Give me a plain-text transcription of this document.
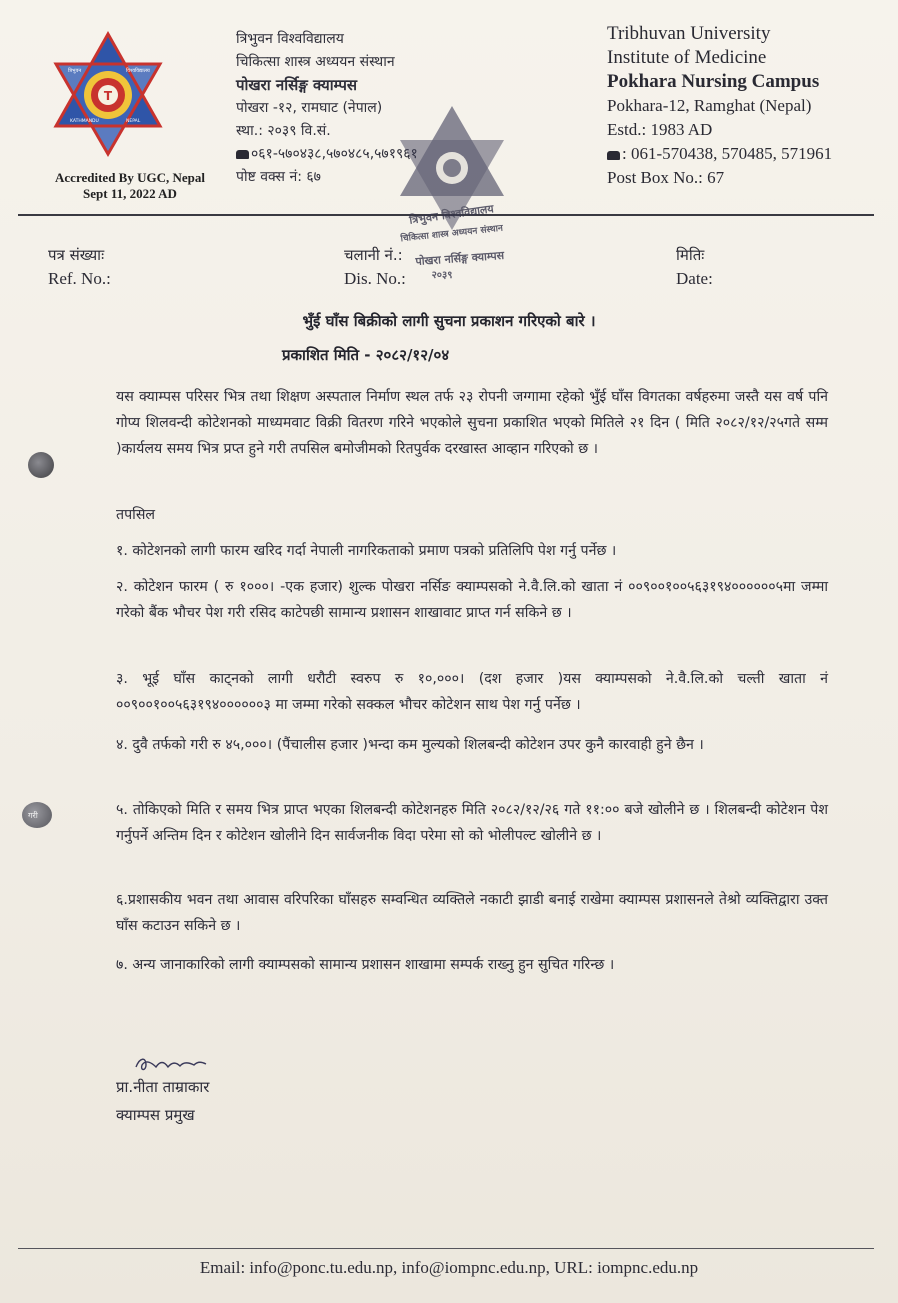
T
त्रिभुवन	विश्वविद्यालय
KATHMANDU	NEPAL
Accredited By UGC, Nepal
Sept 11, 2022 AD
त्रिभुवन विश्वविद्यालय
चिकित्सा शास्त्र अध्ययन संस्थान
पोखरा नर्सिङ्ग क्याम्पस
पोखरा -१२, रामघाट (नेपाल)
स्था.: २०३९ वि.सं.
०६१-५७०४३८,५७०४८५,५७१९६१
पोष्ट वक्स नं: ६७
Tribhuvan University
Institute of Medicine
Pokhara Nursing Campus
Pokhara-12, Ramghat (Nepal)
Estd.: 1983 AD
: 061-570438, 570485, 571961
Post Box No.: 67
पत्र संख्याः
Ref. No.:
चलानी नं.:
Dis. No.:
मितिः
Date:
त्रिभुवन विश्वविद्यालय
चिकित्सा शास्त्र अध्ययन संस्थान
पोखरा नर्सिङ्ग क्याम्पस
२०३९
भुँई घाँस बिक्रीको लागी सुचना प्रकाशन गरिएको बारे ।
प्रकाशित मिति - २०८२/१२/०४
यस क्याम्पस परिसर भित्र तथा शिक्षण अस्पताल निर्माण स्थल तर्फ २३ रोपनी जग्गामा रहेको भुँई घाँस विगतका वर्षहरुमा जस्तै यस वर्ष पनि गोप्य शिलवन्दी कोटेशनको माध्यमवाट विक्री वितरण गरिने भएकोले सुचना प्रकाशित भएको मितिले २१ दिन ( मिति २०८२/१२/२५गते सम्म )कार्यलय समय भित्र प्रप्त हुने गरी तपसिल बमोजीमको रितपुर्वक दरखास्त आव्हान गरिएको छ ।
तपसिल
१. कोटेशनको लागी फारम खरिद गर्दा नेपाली नागरिकताको प्रमाण पत्रको प्रतिलिपि पेश गर्नु पर्नेछ ।
२. कोटेशन फारम ( रु १०००। -एक हजार) शुल्क पोखरा नर्सिङ क्याम्पसको ने.वै.लि.को खाता नं ००९००१००५६३१९४००००००५मा जम्मा गरेको बैंक भौचर पेश गरी रसिद काटेपछी सामान्य प्रशासन शाखावाट प्राप्त गर्न सकिने छ ।
३. भूई घाँस काट्नको लागी धरौटी स्वरुप रु १०,०००। (दश हजार )यस क्याम्पसको ने.वै.लि.को चल्ती खाता नं ००९००१००५६३१९४००००००३ मा जम्मा गरेको सक्कल भौचर कोटेशन साथ पेश गर्नु पर्नेछ ।
४. दुवै तर्फको गरी रु ४५,०००। (पैंचालीस हजार )भन्दा कम मुल्यको शिलबन्दी कोटेशन उपर कुनै कारवाही हुने छैन ।
५. तोकिएको मिति र समय भित्र प्राप्त भएका शिलबन्दी कोटेशनहरु मिति २०८२/१२/२६ गते ११:०० बजे खोलीने छ । शिलबन्दी कोटेशन पेश गर्नुपर्ने अन्तिम दिन र कोटेशन खोलीने दिन सार्वजनीक विदा परेमा सो को भोलीपल्ट खोलीने छ ।
६.प्रशासकीय भवन तथा आवास वरिपरिका घाँसहरु सम्वन्धित व्यक्तिले नकाटी झाडी बनाई राखेमा क्याम्पस प्रशासनले तेश्रो व्यक्तिद्वारा उक्त घाँस कटाउन सकिने छ ।
७. अन्य जानाकारिको लागी क्याम्पसको सामान्य प्रशासन शाखामा सम्पर्क राख्नु हुन सुचित गरिन्छ ।
गरी
प्रा.नीता ताम्राकार
क्याम्पस प्रमुख
Email: info@ponc.tu.edu.np, info@iompnc.edu.np, URL: iompnc.edu.np
